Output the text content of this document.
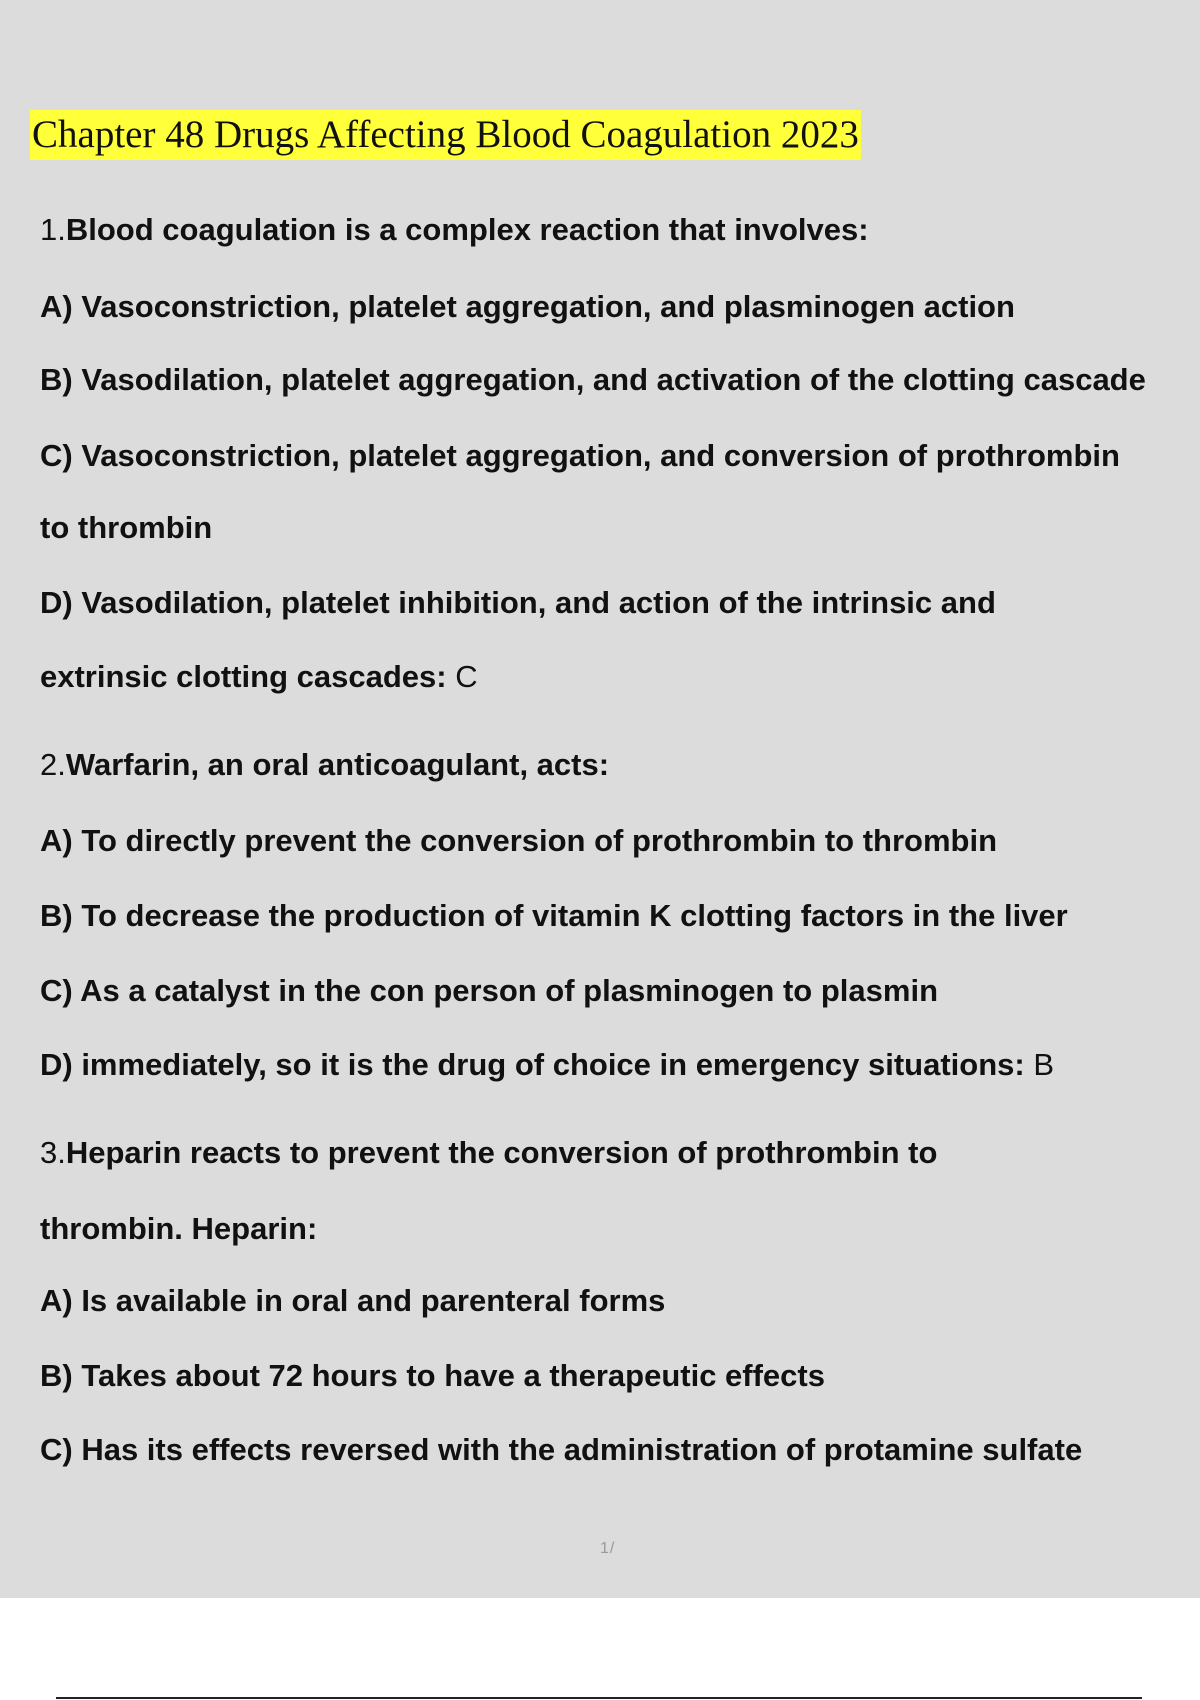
Chapter 48 Drugs Affecting Blood Coagulation 2023
1.Blood coagulation is a complex reaction that involves:
A) Vasoconstriction, platelet aggregation, and plasminogen action
B) Vasodilation, platelet aggregation, and activation of the clotting cascade
C) Vasoconstriction, platelet aggregation, and conversion of prothrombin
to thrombin
D) Vasodilation, platelet inhibition, and action of the intrinsic and
extrinsic clotting cascades: C
2.Warfarin, an oral anticoagulant, acts:
A) To directly prevent the conversion of prothrombin to thrombin
B) To decrease the production of vitamin K clotting factors in the liver
C) As a catalyst in the con person of plasminogen to plasmin
D) immediately, so it is the drug of choice in emergency situations: B
3.Heparin reacts to prevent the conversion of prothrombin to
thrombin. Heparin:
A) Is available in oral and parenteral forms
B) Takes about 72 hours to have a therapeutic effects
C) Has its effects reversed with the administration of protamine sulfate
1/
